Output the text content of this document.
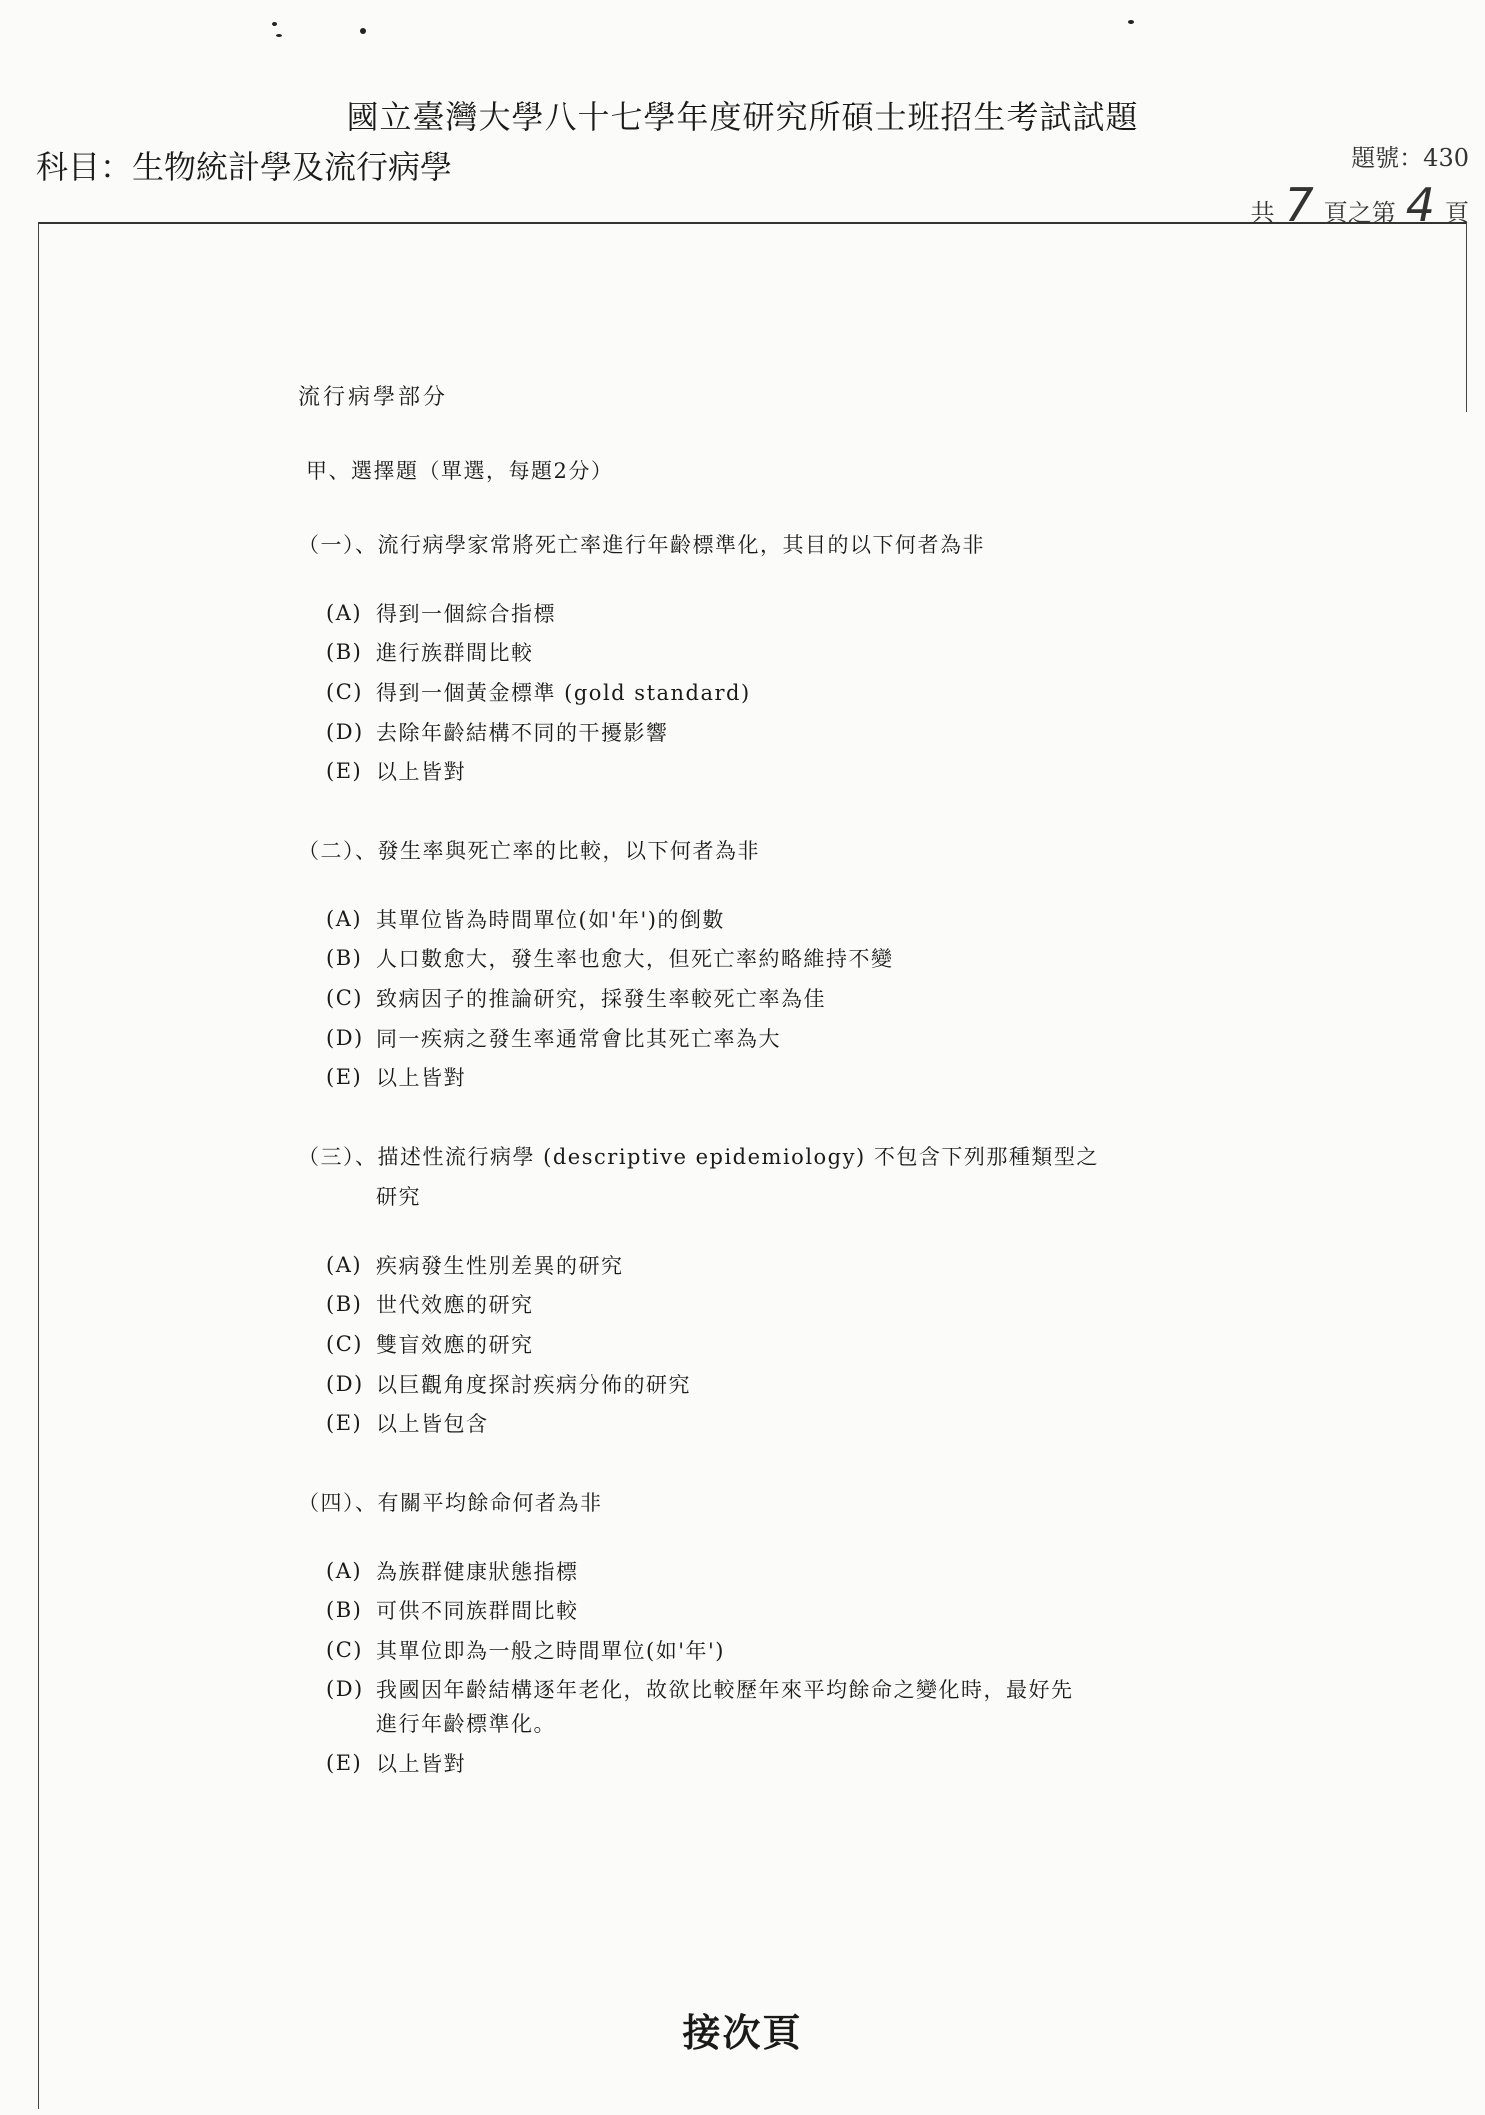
國立臺灣大學八十七學年度研究所碩士班招生考試試題
科目：生物統計學及流行病學	題號：430
共 7 頁之第 4 頁
流行病學部分
甲、選擇題（單選，每題2分）
（一）、 流行病學家常將死亡率進行年齡標準化，其目的以下何者為非
(A) 得到一個綜合指標
(B) 進行族群間比較
(C) 得到一個黃金標準 (gold standard)
(D) 去除年齡結構不同的干擾影響
(E) 以上皆對
（二）、 發生率與死亡率的比較，以下何者為非
(A) 其單位皆為時間單位(如'年')的倒數
(B) 人口數愈大，發生率也愈大，但死亡率約略維持不變
(C) 致病因子的推論研究，採發生率較死亡率為佳
(D) 同一疾病之發生率通常會比其死亡率為大
(E) 以上皆對
（三）、 描述性流行病學 (descriptive epidemiology) 不包含下列那種類型之
研究
(A) 疾病發生性別差異的研究
(B) 世代效應的研究
(C) 雙盲效應的研究
(D) 以巨觀角度探討疾病分佈的研究
(E) 以上皆包含
（四）、 有關平均餘命何者為非
(A) 為族群健康狀態指標
(B) 可供不同族群間比較
(C) 其單位即為一般之時間單位(如'年')
(D) 我國因年齡結構逐年老化，故欲比較歷年來平均餘命之變化時，最好先
進行年齡標準化。
(E) 以上皆對
接次頁
